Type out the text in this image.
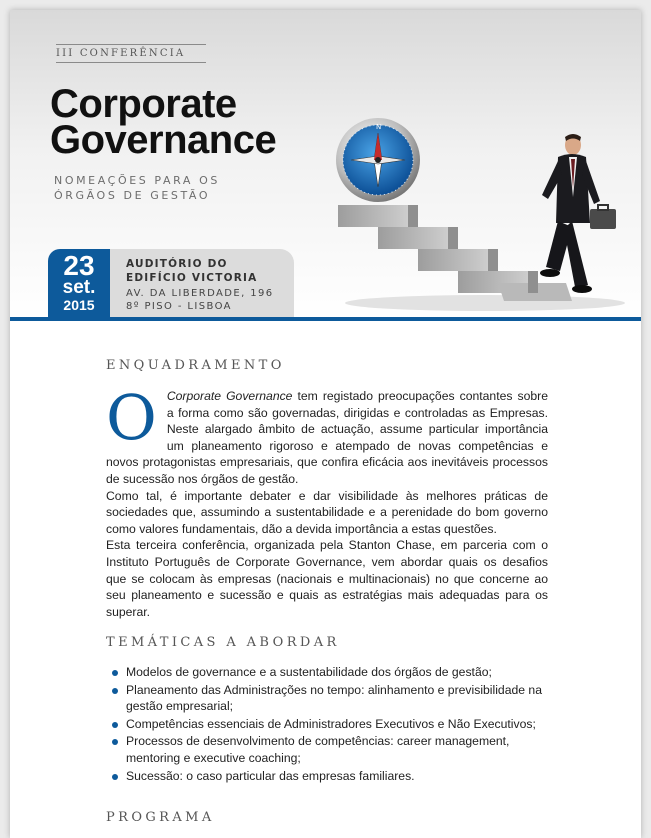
III CONFERÊNCIA
Corporate
Governance
NOMEAÇÕES PARA OS
ÓRGÃOS DE GESTÃO
N
23
set.
2015
AUDITÓRIO DO
EDIFÍCIO VICTORIA
AV. DA LIBERDADE, 196
8º PISO - LISBOA
ENQUADRAMENTO
O Corporate Governance tem registado preocupações contantes sobre a forma como são governadas, dirigidas e controladas as Empresas. Neste alargado âmbito de actuação, assume particular importância um planeamento rigoroso e atempado de novas competências e novos protagonistas empresariais, que confira eficácia aos inevitáveis processos de sucessão nos órgãos de gestão.

Como tal, é importante debater e dar visibilidade às melhores práticas de sociedades que, assumindo a sustentabilidade e a perenidade do bom governo como valores fundamentais, dão a devida importância a estas questões.

Esta terceira conferência, organizada pela Stanton Chase, em parceria com o Instituto Português de Corporate Governance, vem abordar quais os desafios que se colocam às empresas (nacionais e multinacionais) no que concerne ao seu planeamento e sucessão e quais as estratégias mais adequadas para os superar.

TEMÁTICAS A ABORDAR
Modelos de governance e a sustentabilidade dos órgãos de gestão;
Planeamento das Administrações no tempo: alinhamento e previsibilidade na gestão empresarial;
Competências essenciais de Administradores Executivos e Não Executivos;
Processos de desenvolvimento de competências: career management, mentoring e executive coaching;
Sucessão: o caso particular das empresas familiares.
PROGRAMA
